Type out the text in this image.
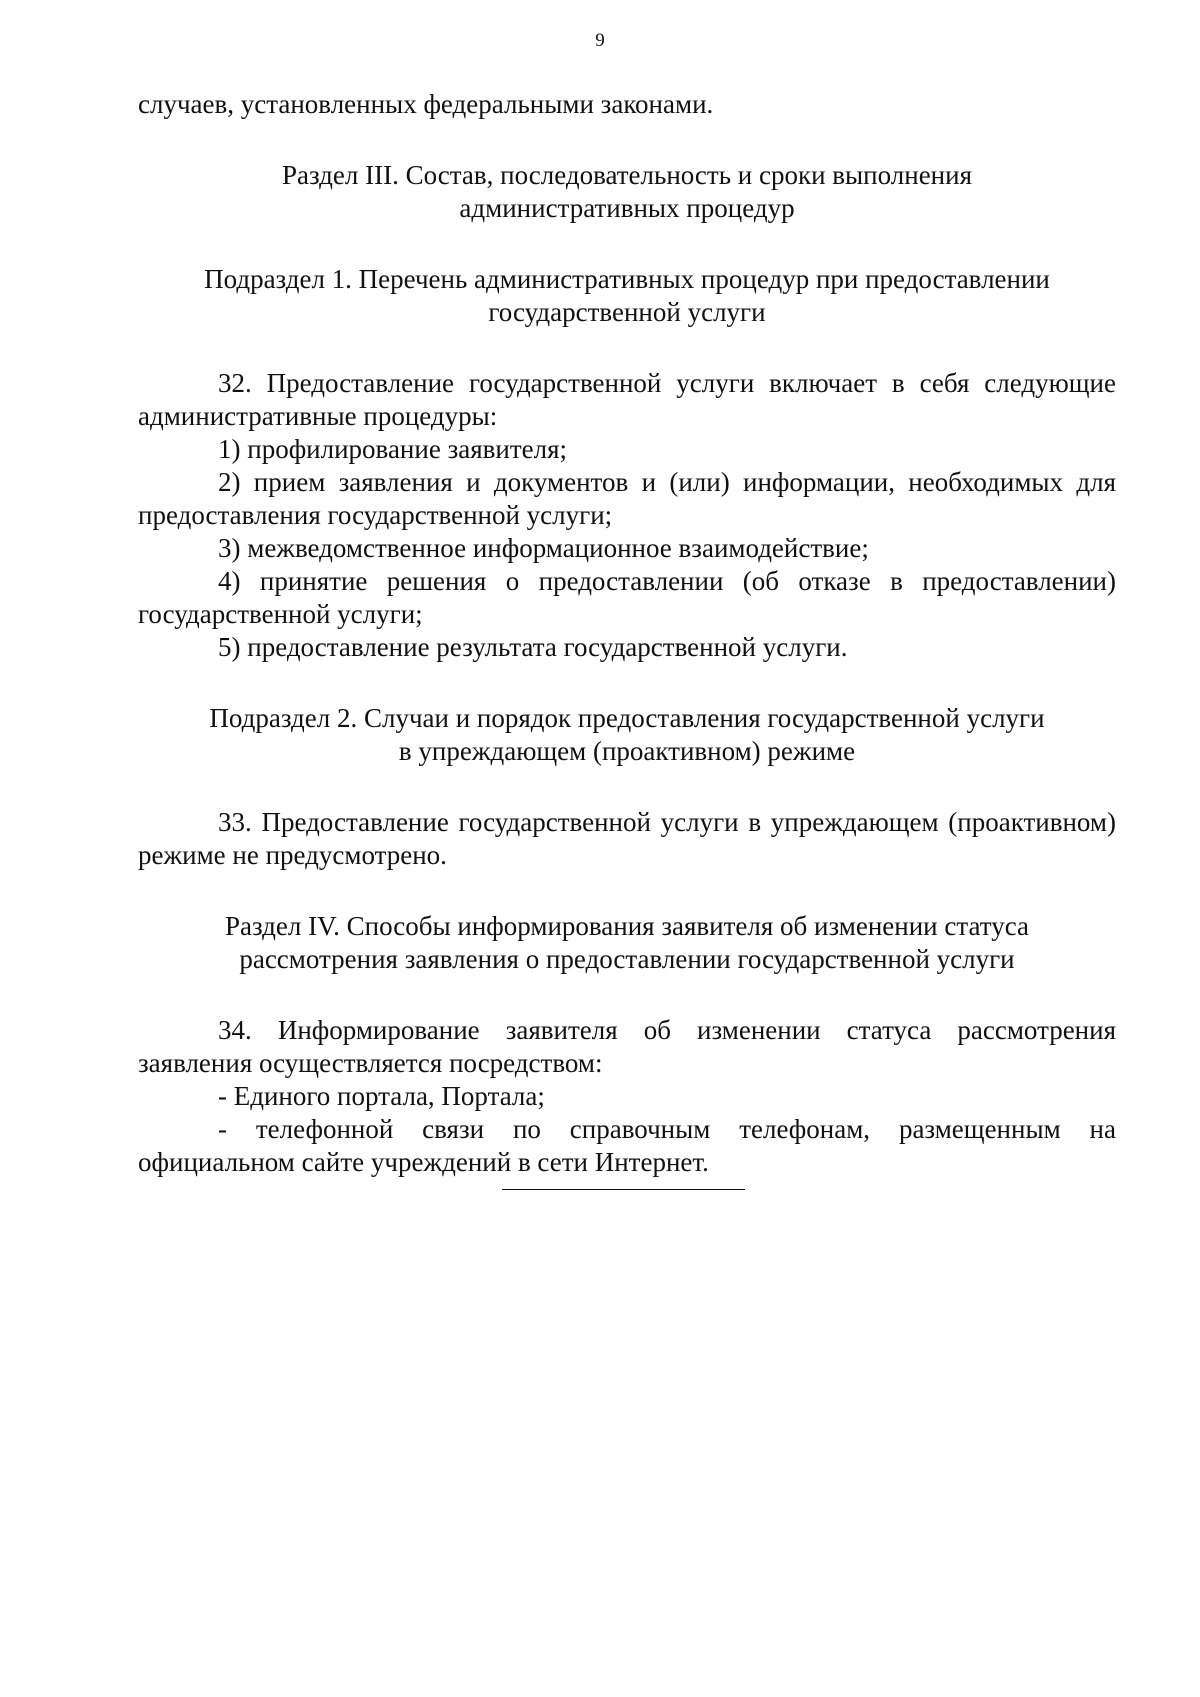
9

случаев, установленных федеральными законами.

Раздел III. Состав, последовательность и сроки выполнения
административных процедур
Подраздел 1. Перечень административных процедур при предоставлении
государственной услуги

32. Предоставление государственной услуги включает в себя следующие административные процедуры:

1) профилирование заявителя;

2) прием заявления и документов и (или) информации, необходимых для предоставления государственной услуги;

3) межведомственное информационное взаимодействие;

4) принятие решения о предоставлении (об отказе в предоставлении) государственной услуги;

5) предоставление результата государственной услуги.

Подраздел 2. Случаи и порядок предоставления государственной услуги
в упреждающем (проактивном) режиме

33. Предоставление государственной услуги в упреждающем (проактивном) режиме не предусмотрено.

Раздел IV. Способы информирования заявителя об изменении статуса
рассмотрения заявления о предоставлении государственной услуги

34. Информирование заявителя об изменении статуса рассмотрения заявления осуществляется посредством:

- Единого портала, Портала;

- телефонной связи по справочным телефонам, размещенным на официальном сайте учреждений в сети Интернет.
